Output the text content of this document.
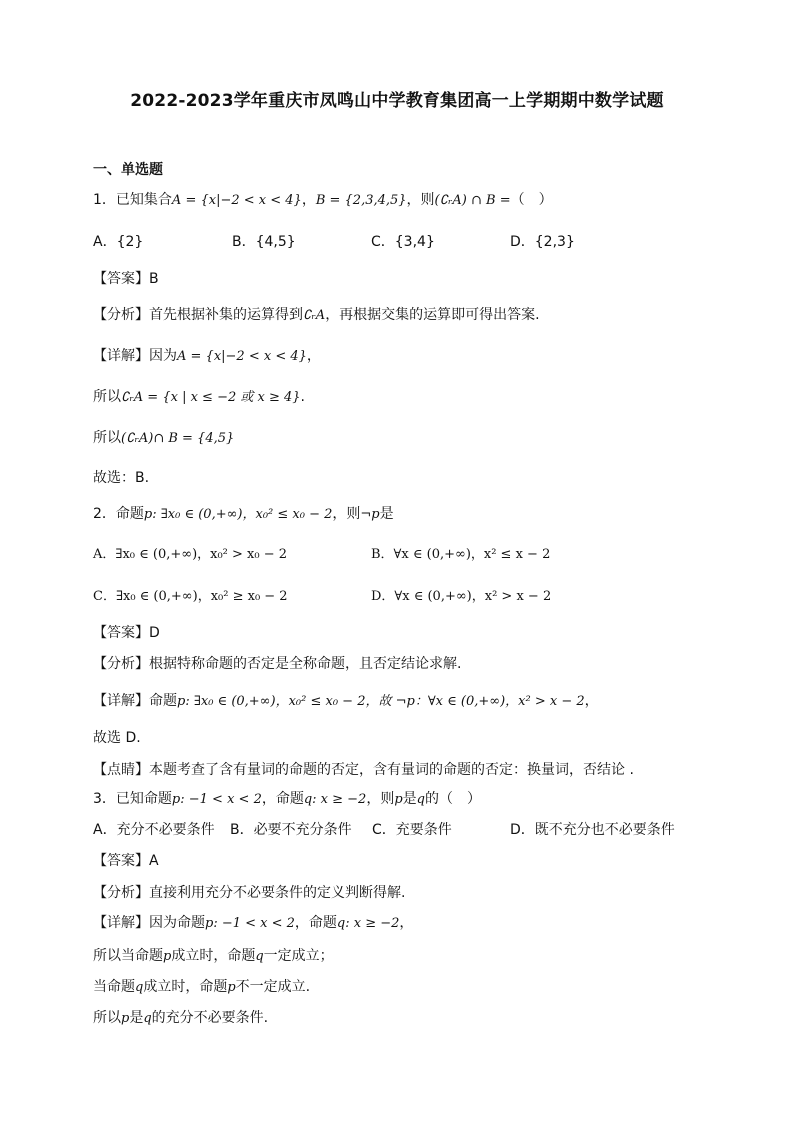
2022-2023学年重庆市凤鸣山中学教育集团高一上学期期中数学试题
一、单选题
1．已知集合A = {x|−2 < x < 4}，B = {2,3,4,5}，则(∁ᵣA) ∩ B =（　）
A．{2}	B．{4,5}	C．{3,4}	D．{2,3}
【答案】B
【分析】首先根据补集的运算得到∁ᵣA，再根据交集的运算即可得出答案.
【详解】因为A = {x|−2 < x < 4}，
所以∁ᵣA = {x | x ≤ −2 或 x ≥ 4}.
所以(∁ᵣA)∩ B = {4,5}
故选：B.
2．命题p: ∃x₀ ∈ (0,+∞)，x₀² ≤ x₀ − 2，则¬p是
A．∃x₀ ∈ (0,+∞)，x₀² > x₀ − 2	B．∀x ∈ (0,+∞)，x² ≤ x − 2
C．∃x₀ ∈ (0,+∞)，x₀² ≥ x₀ − 2	D．∀x ∈ (0,+∞)，x² > x − 2
【答案】D
【分析】根据特称命题的否定是全称命题，且否定结论求解.
【详解】命题p: ∃x₀ ∈ (0,+∞)，x₀² ≤ x₀ − 2，故 ¬p：∀x ∈ (0,+∞)，x² > x − 2，
故选 D.
【点睛】本题考查了含有量词的命题的否定，含有量词的命题的否定：换量词，否结论 .
3．已知命题p: −1 < x < 2，命题q: x ≥ −2，则p是q的（　）
A．充分不必要条件 B．必要不充分条件 C．充要条件	D．既不充分也不必要条件
【答案】A
【分析】直接利用充分不必要条件的定义判断得解.
【详解】因为命题p: −1 < x < 2，命题q: x ≥ −2，
所以当命题p成立时，命题q一定成立；
当命题q成立时，命题p不一定成立.
所以p是q的充分不必要条件.
